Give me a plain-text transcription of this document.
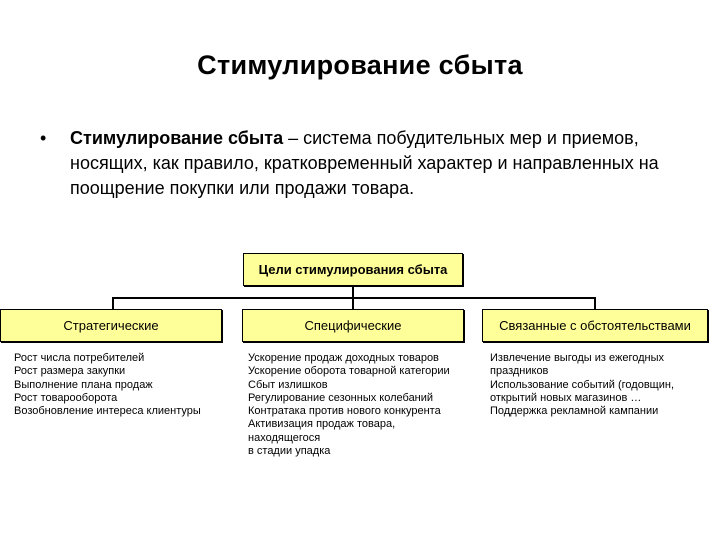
Стимулирование сбыта
• Стимулирование сбыта – система побудительных мер и приемов, носящих, как правило, кратковременный характер и направленных на поощрение покупки или продажи товара.
Цели стимулирования сбыта
Стратегические	Специфические	Связанные с обстоятельствами
Рост числа потребителей
Рост размера закупки
Выполнение плана продаж
Рост товарооборота
Возобновление интереса клиентуры
Ускорение продаж доходных товаров
Ускорение оборота товарной категории
Сбыт излишков
Регулирование сезонных колебаний
Контратака против нового конкурента
Активизация продаж товара, находящегося
в стадии упадка
Извлечение выгоды из ежегодных праздников
Использование событий (годовщин, открытий новых магазинов …
Поддержка рекламной кампании
